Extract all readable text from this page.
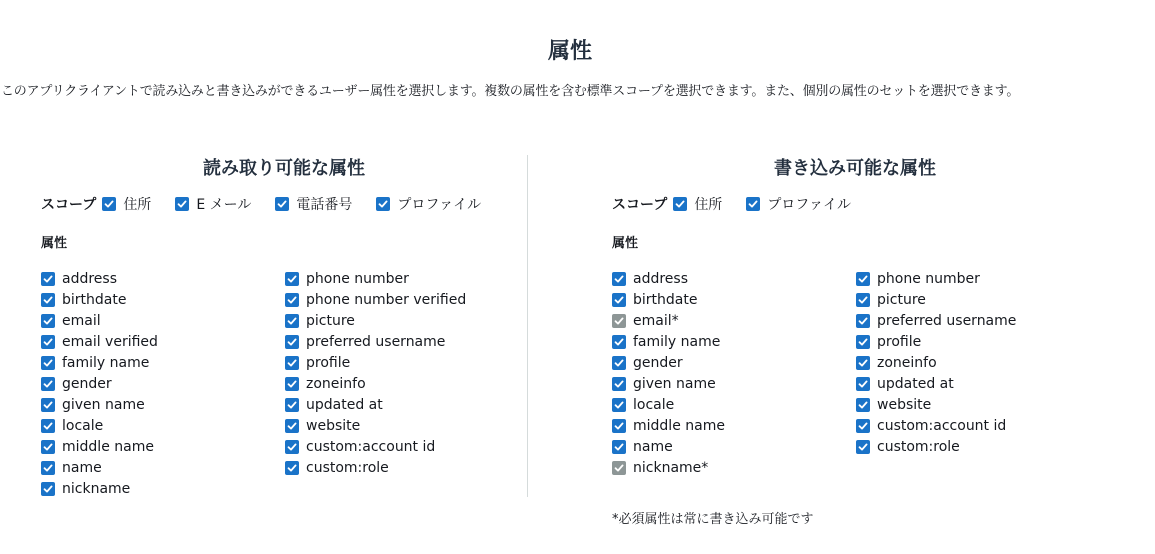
属性
このアプリクライアントで読み込みと書き込みができるユーザー属性を選択します。複数の属性を含む標準スコープを選択できます。また、個別の属性のセットを選択できます。
読み取り可能な属性
スコープ 住所	E メール	電話番号	プロファイル
属性
address
birthdate
email
email verified
family name
gender
given name
locale
middle name
name
nickname
phone number
phone number verified
picture
preferred username
profile
zoneinfo
updated at
website
custom:account id
custom:role
書き込み可能な属性
スコープ 住所	プロファイル
属性
address
birthdate
email*
family name
gender
given name
locale
middle name
name
nickname*
phone number
picture
preferred username
profile
zoneinfo
updated at
website
custom:account id
custom:role
*必須属性は常に書き込み可能です
